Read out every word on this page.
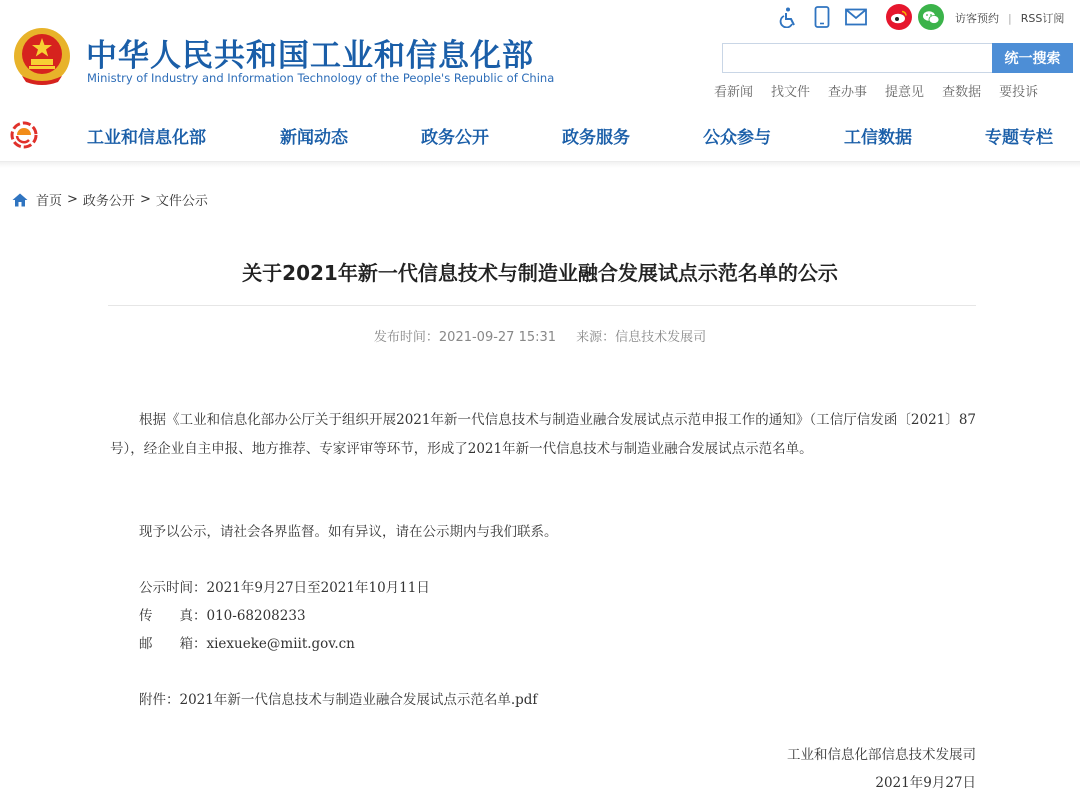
中华人民共和国工业和信息化部
Ministry of Industry and Information Technology of the People's Republic of China
访客预约 | RSS订阅
统一搜索
看新闻 找文件 查办事 提意见 查数据 要投诉
工业和信息化部	新闻动态	政务公开	政务服务	公众参与	工信数据	专题专栏
首页 > 政务公开 > 文件公示
关于2021年新一代信息技术与制造业融合发展试点示范名单的公示
发布时间：2021-09-27 15:31 来源：信息技术发展司
根据《工业和信息化部办公厅关于组织开展2021年新一代信息技术与制造业融合发展试点示范申报工作的通知》（工信厅信发函〔2021〕87号），经企业自主申报、地方推荐、专家评审等环节，形成了2021年新一代信息技术与制造业融合发展试点示范名单。
现予以公示，请社会各界监督。如有异议，请在公示期内与我们联系。
公示时间：2021年9月27日至2021年10月11日
传　　真：010-68208233
邮　　箱：xiexueke@miit.gov.cn
附件：2021年新一代信息技术与制造业融合发展试点示范名单.pdf
工业和信息化部信息技术发展司
2021年9月27日
